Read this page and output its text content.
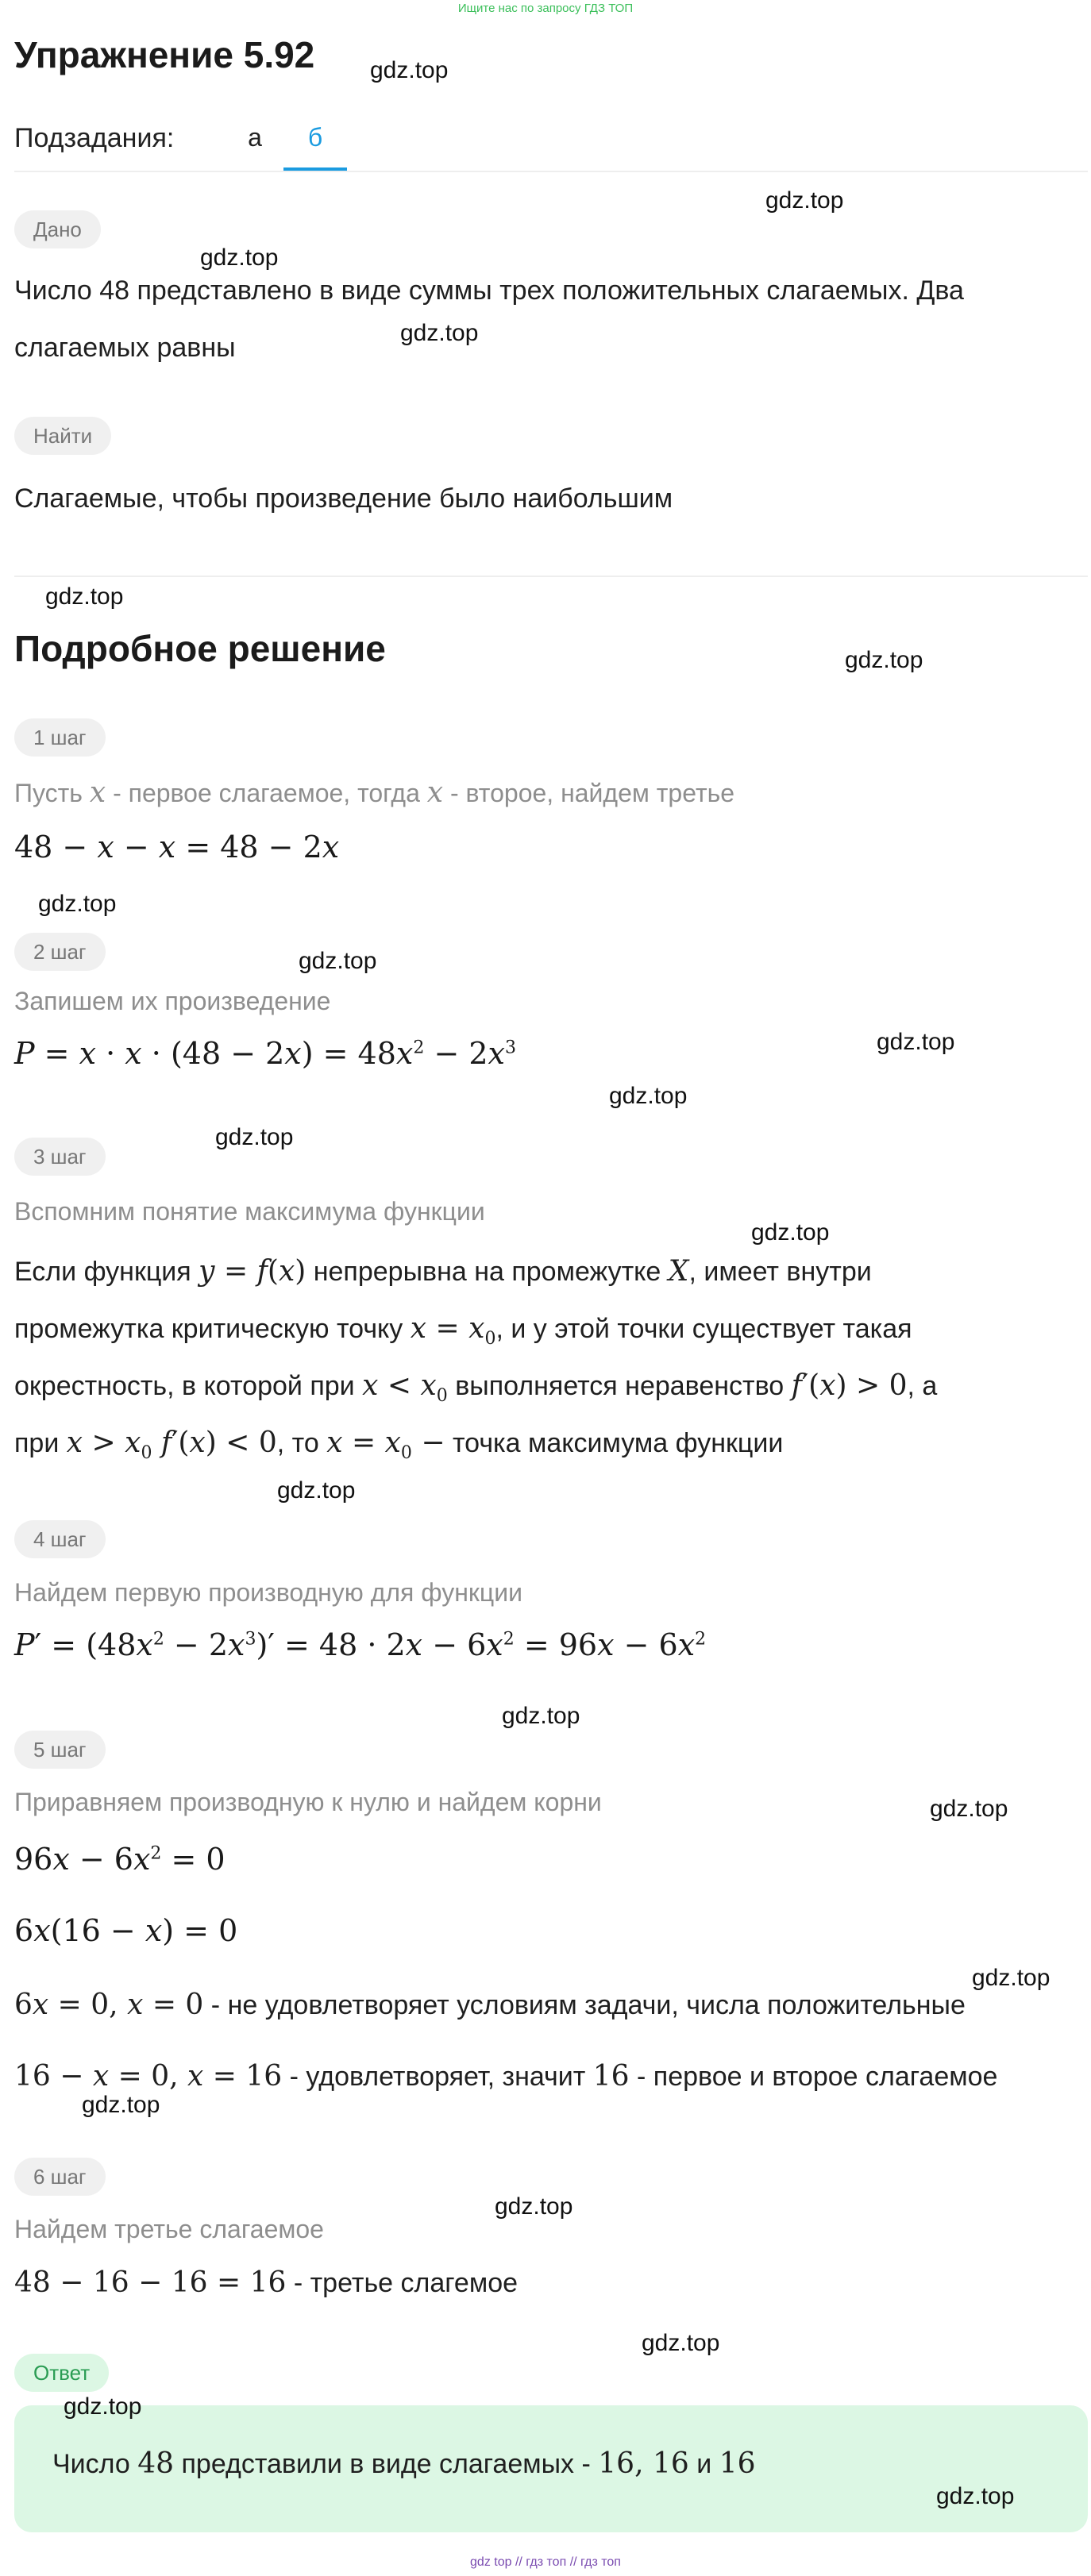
Ищите нас по запросу ГДЗ ТОП
Упражнение 5.92
Подзадания:	а	б
Дано
Число 48 представлено в виде суммы трех положительных слагаемых. Два
слагаемых равны
Найти
Слагаемые, чтобы произведение было наибольшим
Подробное решение
1 шаг
Пусть x - первое слагаемое, тогда x - второе, найдем третье
48 − x − x = 48 − 2x
2 шаг
Запишем их произведение
$P = x \cdot x \cdot (48 - 2x) = 48x^2 - 2x^3$
3 шаг
Вспомним понятие максимума функции
Если функция y = f(x) непрерывна на промежутке X, имеет внутри
промежутка критическую точку $x = x_0$, и у этой точки существует такая
окрестность, в которой при $x < x_0$ выполняется неравенство f′(x) > 0, а
при $x > x_0$ f′(x) < 0, то $x = x_0$ − точка максимума функции
4 шаг
Найдем первую производную для функции
$P' = (48x^2 - 2x^3)' = 48 \cdot 2x - 6x^2 = 96x - 6x^2$
5 шаг
Приравняем производную к нулю и найдем корни
$96x - 6x^2 = 0$
6x(16 − x) = 0
6x = 0, x = 0 - не удовлетворяет условиям задачи, числа положительные
16 − x = 0, x = 16 - удовлетворяет, значит 16 - первое и второе слагаемое
6 шаг
Найдем третье слагаемое
48 − 16 − 16 = 16 - третье слагемое
Ответ
Число 48 представили в виде слагаемых - 16, 16 и 16
gdz.top
gdz.top
gdz.top
gdz.top
gdz.top
gdz.top
gdz.top
gdz.top
gdz.top
gdz.top
gdz.top
gdz.top
gdz.top
gdz.top
gdz.top
gdz.top
gdz.top
gdz.top
gdz.top
gdz.top
gdz.top
gdz top // гдз топ // гдз топ
